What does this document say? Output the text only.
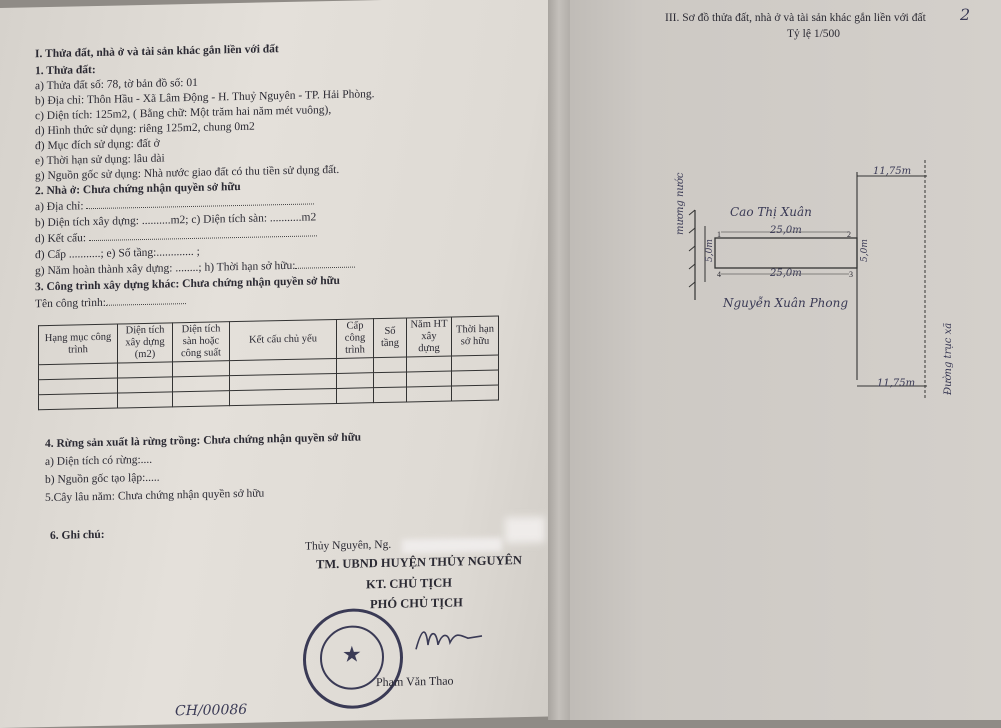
I. Thửa đất, nhà ở và tài sản khác gắn liền với đất
1. Thửa đất:
a) Thửa đất số: 78, tờ bản đồ số: 01
b) Địa chỉ: Thôn Hầu - Xã Lâm Động - H. Thuỷ Nguyên - TP. Hải Phòng.
c) Diện tích: 125m2, ( Bằng chữ: Một trăm hai năm mét vuông),
d) Hình thức sử dụng: riêng 125m2, chung 0m2
đ) Mục đích sử dụng: đất ở
e) Thời hạn sử dụng: lâu dài
g) Nguồn gốc sử dụng: Nhà nước giao đất có thu tiền sử dụng đất.
2. Nhà ở: Chưa chứng nhận quyền sở hữu
a) Địa chỉ:
b) Diện tích xây dựng: ..........m2; c) Diện tích sàn: ...........m2
d) Kết cấu:
đ) Cấp ...........; e) Số tầng:............. ;
g) Năm hoàn thành xây dựng: ........; h) Thời hạn sở hữu:
3. Công trình xây dựng khác: Chưa chứng nhận quyền sở hữu
Tên công trình:
Hạng mục công trình	Diện tích xây dựng (m2)	Diện tích sàn hoặc công suất	Kết cấu chủ yếu	Cấp công trình	Số tầng	Năm HT xây dựng	Thời hạn sở hữu

4. Rừng sản xuất là rừng trồng: Chưa chứng nhận quyền sở hữu
a) Diện tích có rừng:....
b) Nguồn gốc tạo lập:.....
5.Cây lâu năm: Chưa chứng nhận quyền sở hữu
6. Ghi chú:
Thủy Nguyên, Ng.
TM. UBND HUYỆN THỦY NGUYÊN
KT. CHỦ TỊCH
PHÓ CHỦ TỊCH
★
Phạm Văn Thao
CH/00086
III. Sơ đồ thửa đất, nhà ở và tài sản khác gắn liền với đất 2
Tỷ lệ 1/500
Cao Thị Xuân
Nguyễn Xuân Phong
mương nước
Đường trục xã
25,0m
25,0m
5,0m	5,0m
11,75m
11,75m
1	2
3
4
